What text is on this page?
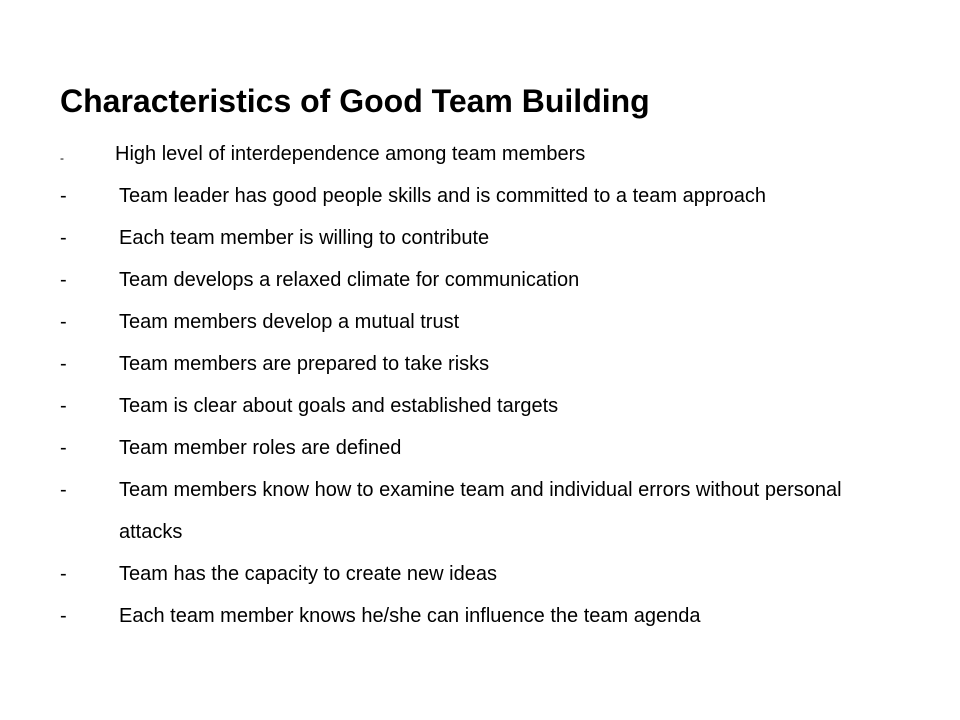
Characteristics of Good Team Building
-	High level of interdependence among team members
-	Team leader has good people skills and is committed to a team approach
-	Each team member is willing to contribute
-	Team develops a relaxed climate for communication
-	Team members develop a mutual trust
-	Team members are prepared to take risks
-	Team is clear about goals and established targets
-	Team member roles are defined
-	Team members know how to examine team and individual errors without personal attacks
-	Team has the capacity to create new ideas
-	Each team member knows he/she can influence the team agenda
